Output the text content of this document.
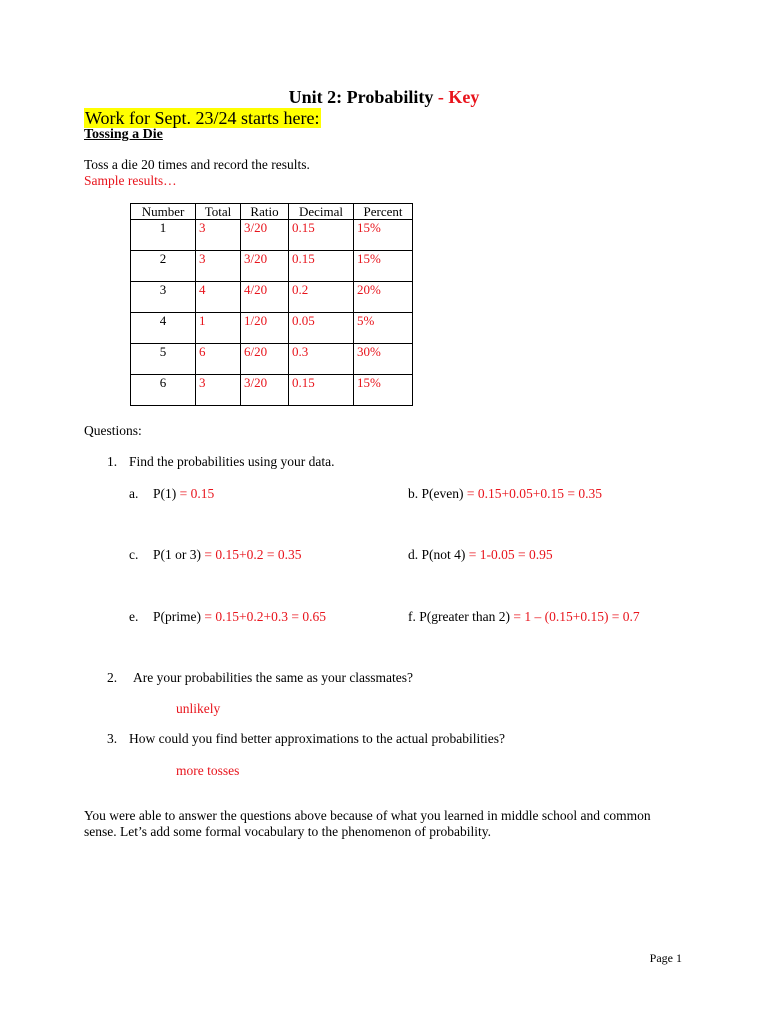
Unit 2: Probability - Key
Work for Sept. 23/24 starts here:
Tossing a Die
Toss a die 20 times and record the results.
Sample results…
Number	Total	Ratio	Decimal	Percent
1	3	3/20	0.15	15%
2	3	3/20	0.15	15%
3	4	4/20	0.2	20%
4	1	1/20	0.05	5%
5	6	6/20	0.3	30%
6	3	3/20	0.15	15%
Questions:
1. Find the probabilities using your data.
a. P(1) = 0.15	b. P(even) = 0.15+0.05+0.15 = 0.35
c. P(1 or 3) = 0.15+0.2 = 0.35	d. P(not 4) = 1-0.05 = 0.95
e. P(prime) = 0.15+0.2+0.3 = 0.65	f. P(greater than 2) = 1 – (0.15+0.15) = 0.7
2. Are your probabilities the same as your classmates?
unlikely
3. How could you find better approximations to the actual probabilities?
more tosses
You were able to answer the questions above because of what you learned in middle school and common
sense. Let’s add some formal vocabulary to the phenomenon of probability.
Page 1
